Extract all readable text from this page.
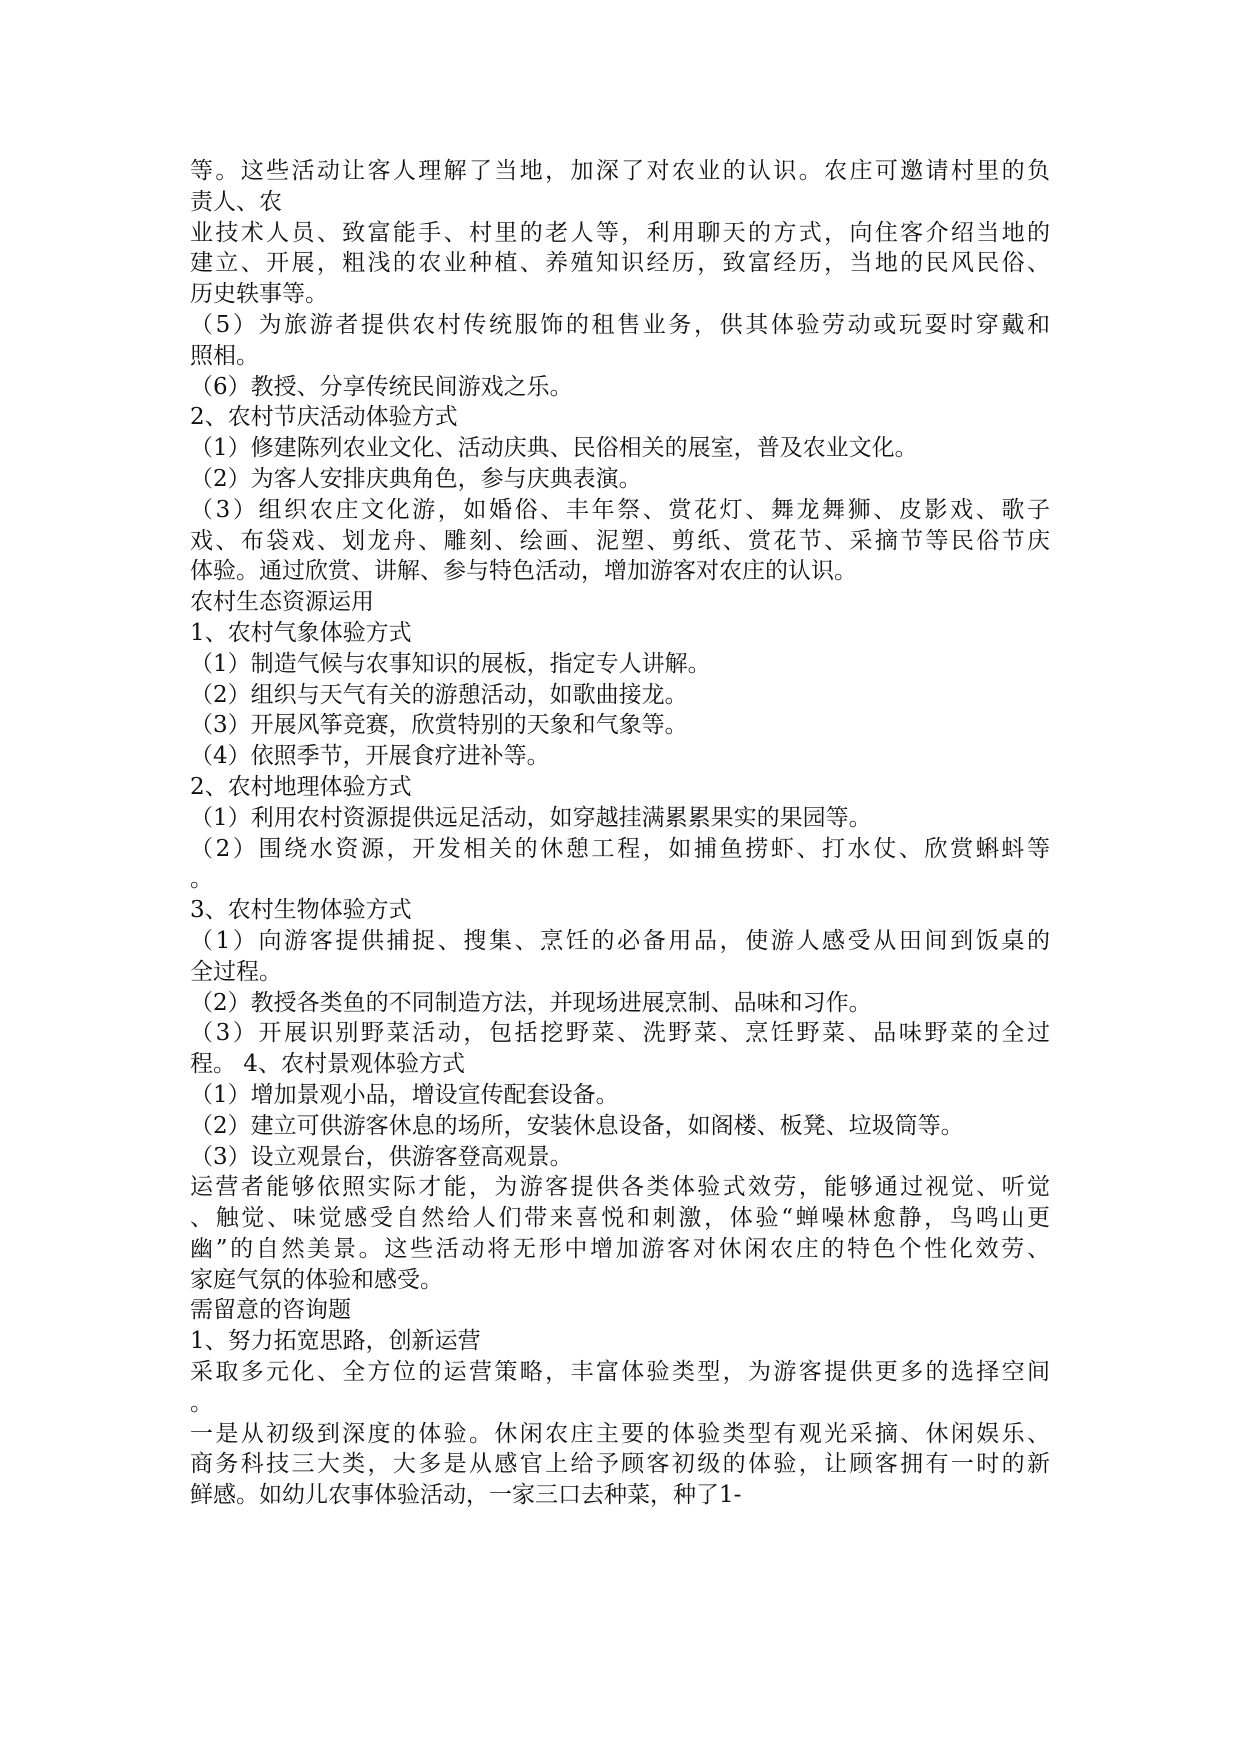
等。这些活动让客人理解了当地，加深了对农业的认识。农庄可邀请村里的负
责人、农
业技术人员、致富能手、村里的老人等，利用聊天的方式，向住客介绍当地的
建立、开展，粗浅的农业种植、养殖知识经历，致富经历，当地的民风民俗、
历史轶事等。
（5）为旅游者提供农村传统服饰的租售业务，供其体验劳动或玩耍时穿戴和
照相。
（6）教授、分享传统民间游戏之乐。
2、农村节庆活动体验方式
（1）修建陈列农业文化、活动庆典、民俗相关的展室，普及农业文化。
（2）为客人安排庆典角色，参与庆典表演。
（3）组织农庄文化游，如婚俗、丰年祭、赏花灯、舞龙舞狮、皮影戏、歌子
戏、布袋戏、划龙舟、雕刻、绘画、泥塑、剪纸、赏花节、采摘节等民俗节庆
体验。通过欣赏、讲解、参与特色活动，增加游客对农庄的认识。
农村生态资源运用
1、农村气象体验方式
（1）制造气候与农事知识的展板，指定专人讲解。
（2）组织与天气有关的游憩活动，如歌曲接龙。
（3）开展风筝竞赛，欣赏特别的天象和气象等。
（4）依照季节，开展食疗进补等。
2、农村地理体验方式
（1）利用农村资源提供远足活动，如穿越挂满累累果实的果园等。
（2）围绕水资源，开发相关的休憩工程，如捕鱼捞虾、打水仗、欣赏蝌蚪等
。
3、农村生物体验方式
（1）向游客提供捕捉、搜集、烹饪的必备用品，使游人感受从田间到饭桌的
全过程。
（2）教授各类鱼的不同制造方法，并现场进展烹制、品味和习作。
（3）开展识别野菜活动，包括挖野菜、洗野菜、烹饪野菜、品味野菜的全过
程。 4、农村景观体验方式
（1）增加景观小品，增设宣传配套设备。
（2）建立可供游客休息的场所，安装休息设备，如阁楼、板凳、垃圾筒等。
（3）设立观景台，供游客登高观景。
运营者能够依照实际才能，为游客提供各类体验式效劳，能够通过视觉、听觉
、触觉、味觉感受自然给人们带来喜悦和刺激，体验“蝉噪林愈静，鸟鸣山更
幽”的自然美景。这些活动将无形中增加游客对休闲农庄的特色个性化效劳、
家庭气氛的体验和感受。
需留意的咨询题
1、努力拓宽思路，创新运营
采取多元化、全方位的运营策略，丰富体验类型，为游客提供更多的选择空间
。
一是从初级到深度的体验。休闲农庄主要的体验类型有观光采摘、休闲娱乐、
商务科技三大类，大多是从感官上给予顾客初级的体验，让顾客拥有一时的新
鲜感。如幼儿农事体验活动，一家三口去种菜，种了1-
